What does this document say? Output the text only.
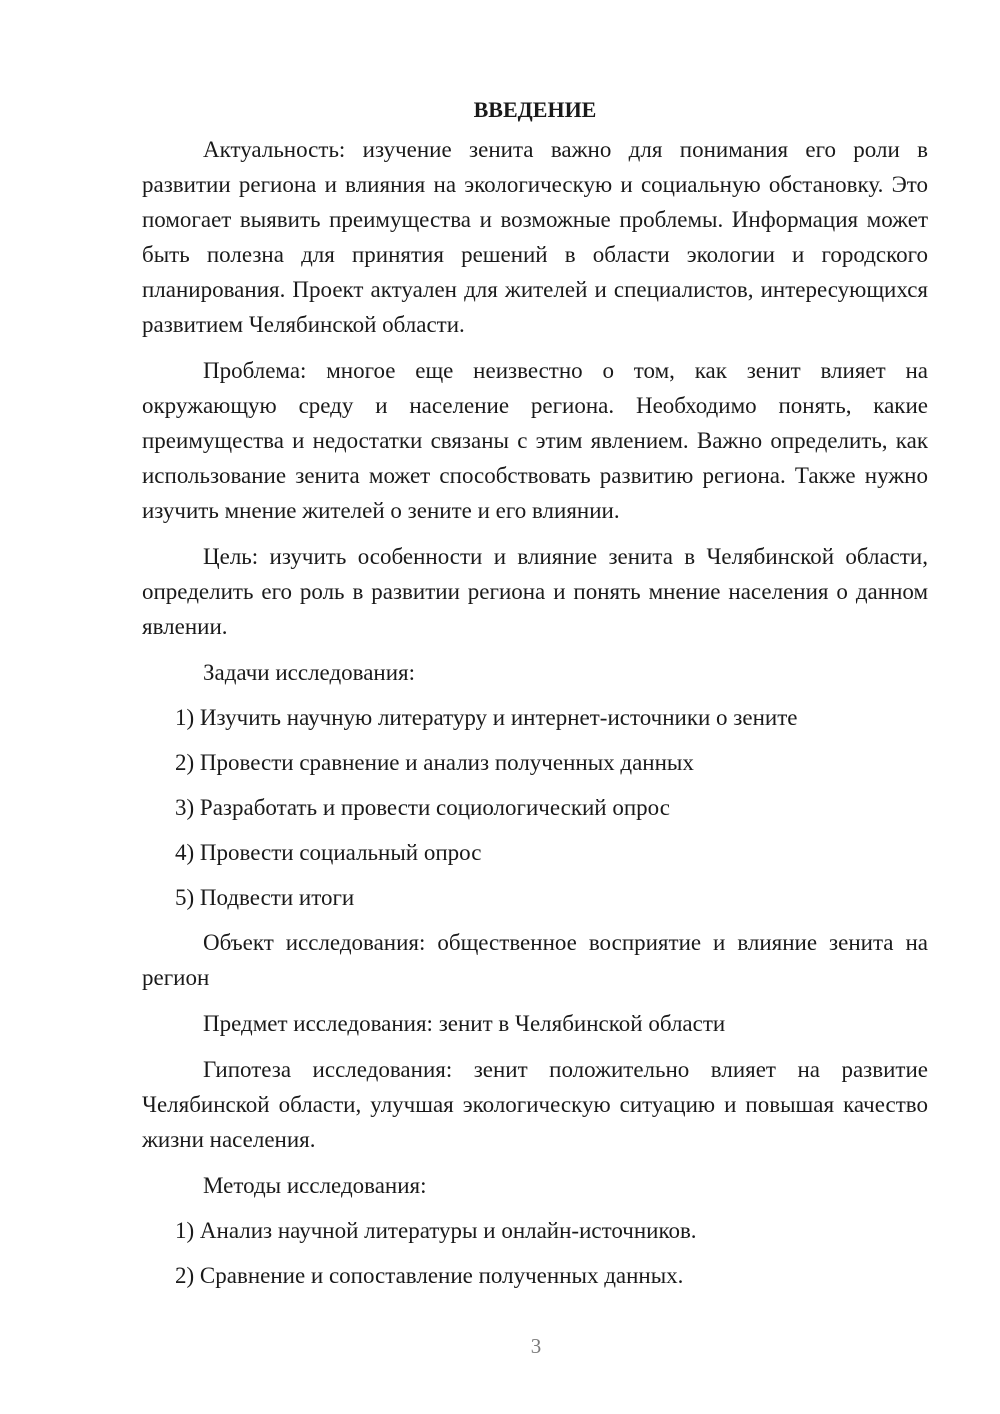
ВВЕДЕНИЕ

Актуальность: изучение зенита важно для понимания его роли в развитии региона и влияния на экологическую и социальную обстановку. Это помогает выявить преимущества и возможные проблемы. Информация может быть полезна для принятия решений в области экологии и городского планирования. Проект актуален для жителей и специалистов, интересующихся развитием Челябинской области.

Проблема: многое еще неизвестно о том, как зенит влияет на окружающую среду и население региона. Необходимо понять, какие преимущества и недостатки связаны с этим явлением. Важно определить, как использование зенита может способствовать развитию региона. Также нужно изучить мнение жителей о зените и его влиянии.

Цель: изучить особенности и влияние зенита в Челябинской области, определить его роль в развитии региона и понять мнение населения о данном явлении.

Задачи исследования:

1) Изучить научную литературу и интернет-источники о зените

2) Провести сравнение и анализ полученных данных

3) Разработать и провести социологический опрос

4) Провести социальный опрос

5) Подвести итоги

Объект исследования: общественное восприятие и влияние зенита на регион

Предмет исследования: зенит в Челябинской области

Гипотеза исследования: зенит положительно влияет на развитие Челябинской области, улучшая экологическую ситуацию и повышая качество жизни населения.

Методы исследования:

1) Анализ научной литературы и онлайн-источников.

2) Сравнение и сопоставление полученных данных.

3
